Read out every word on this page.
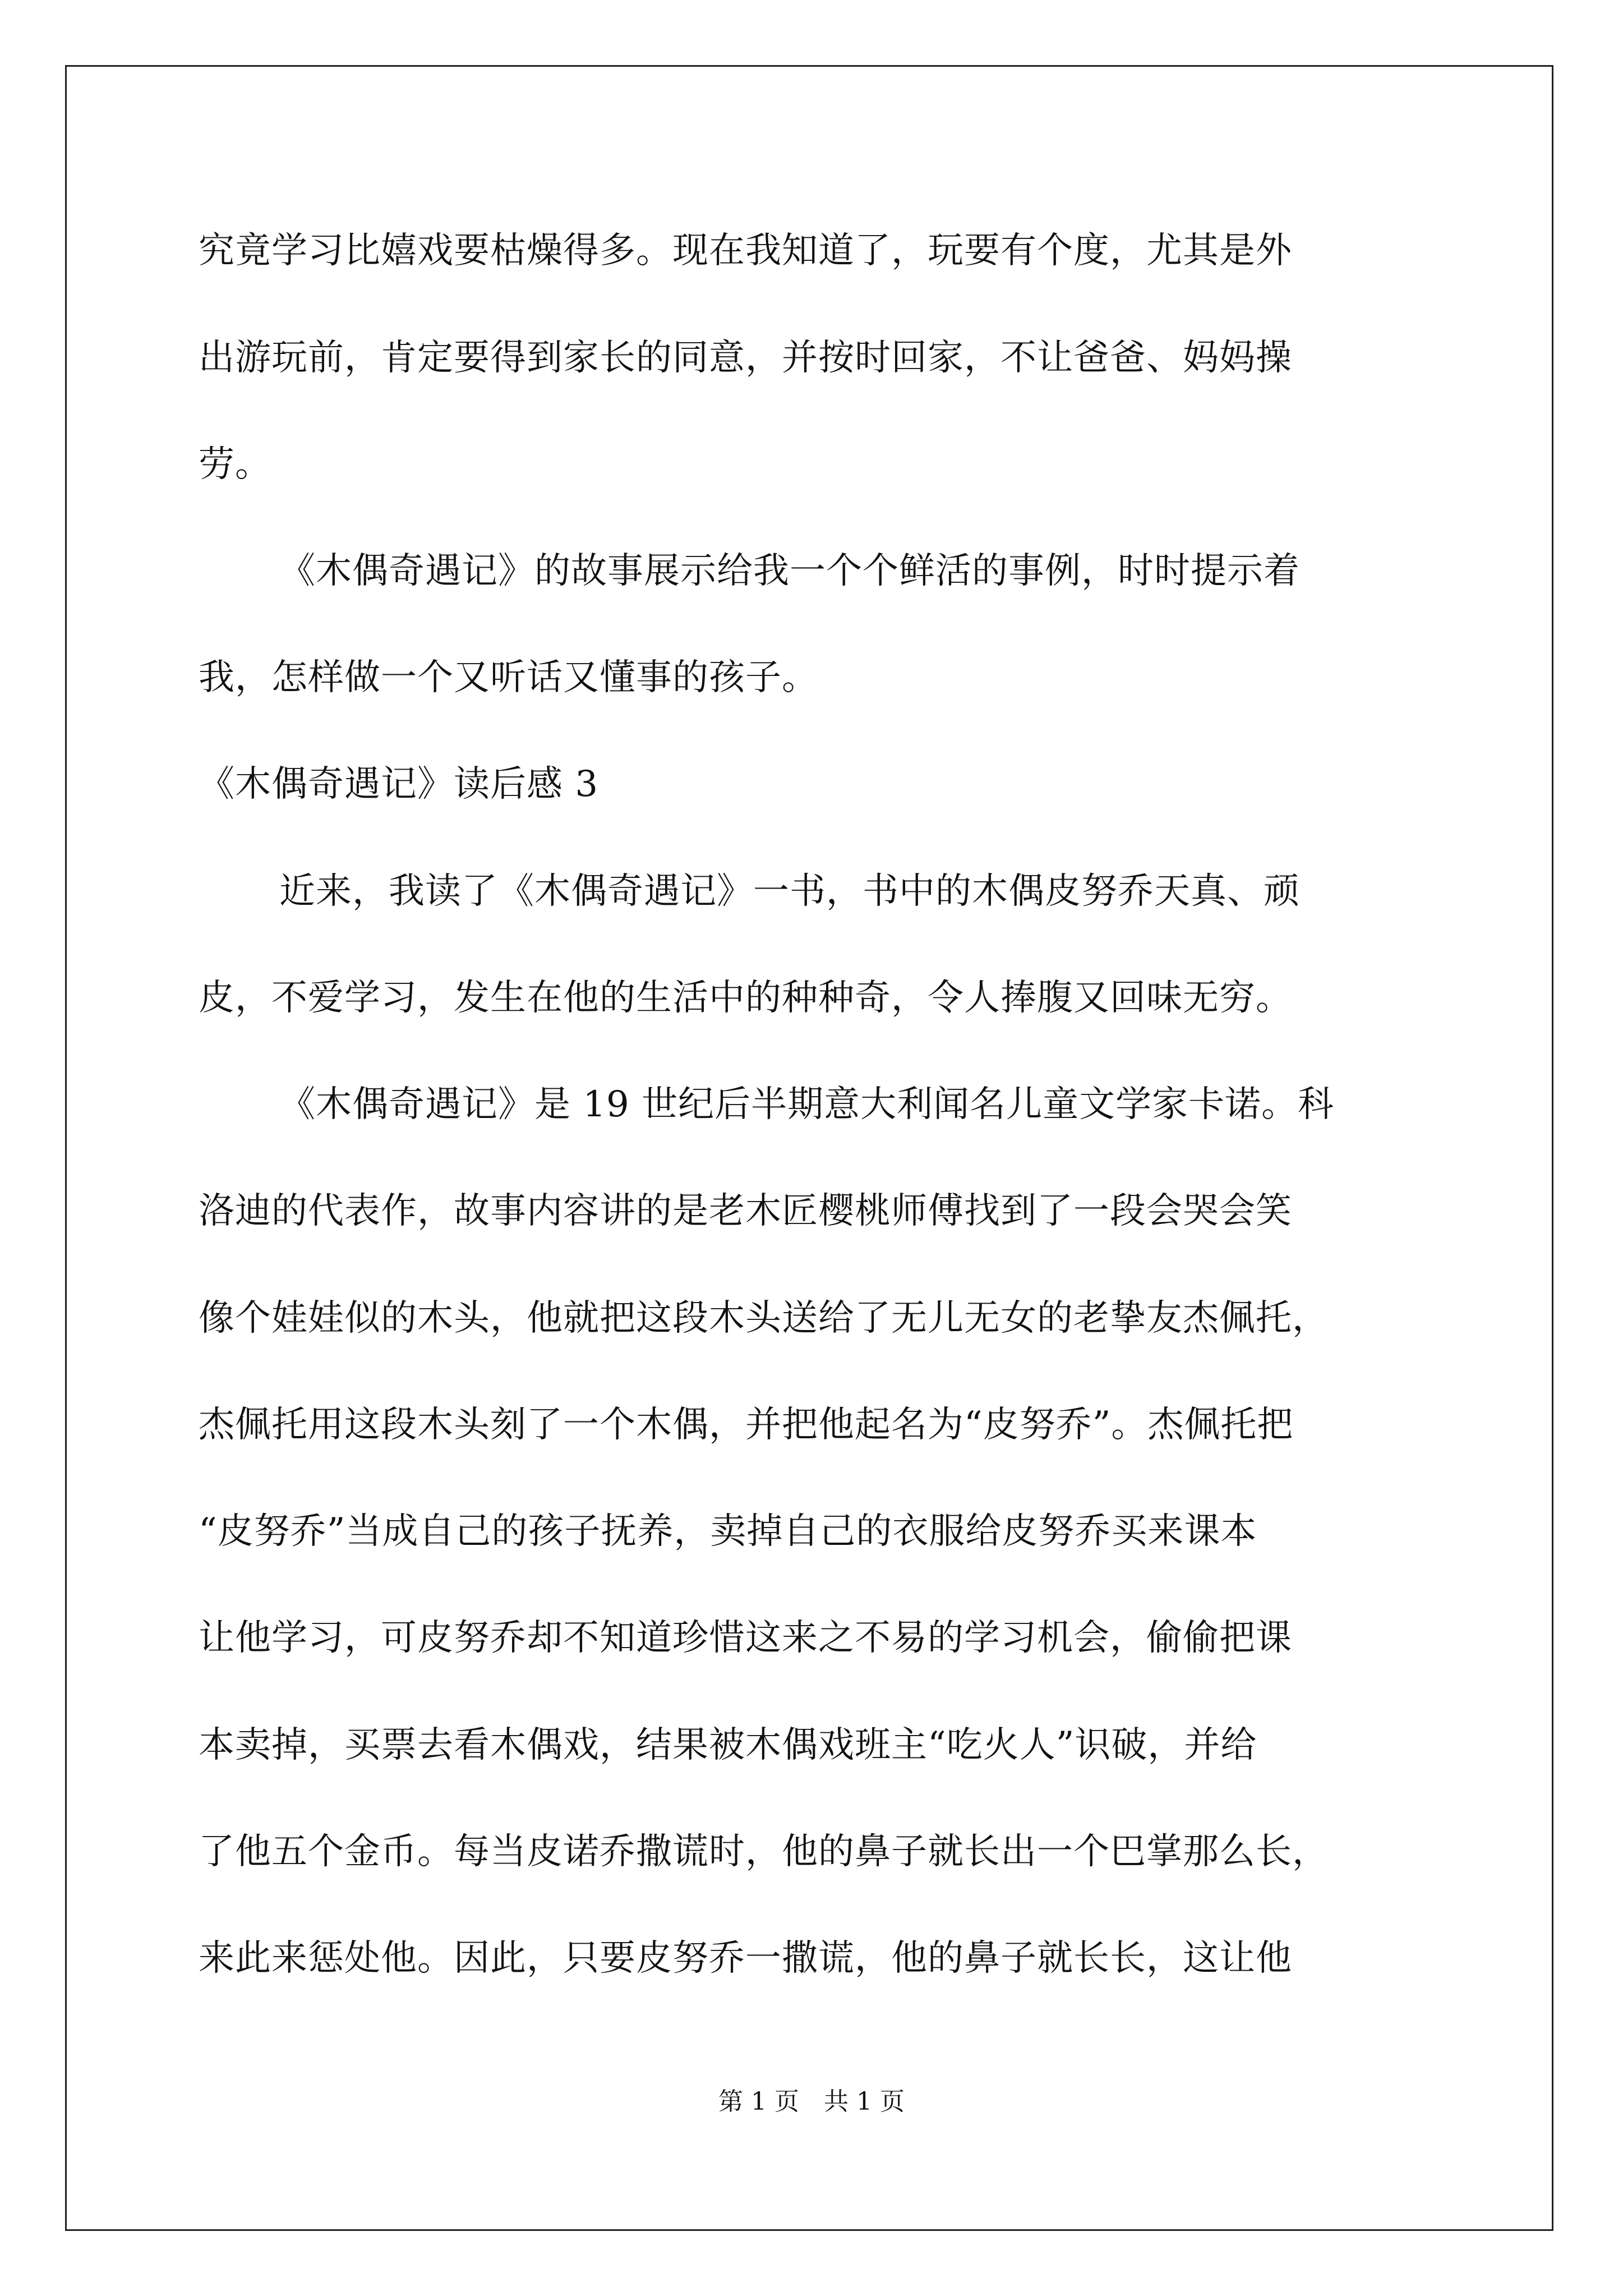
究竟学习比嬉戏要枯燥得多。现在我知道了，玩要有个度，尤其是外
出游玩前，肯定要得到家长的同意，并按时回家，不让爸爸、妈妈操
劳。
《木偶奇遇记》的故事展示给我一个个鲜活的事例，时时提示着
我，怎样做一个又听话又懂事的孩子。
《木偶奇遇记》读后感 3
近来，我读了《木偶奇遇记》一书，书中的木偶皮努乔天真、顽
皮，不爱学习，发生在他的生活中的种种奇，令人捧腹又回味无穷。
《木偶奇遇记》是 19 世纪后半期意大利闻名儿童文学家卡诺。科
洛迪的代表作，故事内容讲的是老木匠樱桃师傅找到了一段会哭会笑
像个娃娃似的木头，他就把这段木头送给了无儿无女的老挚友杰佩托，
杰佩托用这段木头刻了一个木偶，并把他起名为“皮努乔”。杰佩托把
“皮努乔”当成自己的孩子抚养，卖掉自己的衣服给皮努乔买来课本
让他学习，可皮努乔却不知道珍惜这来之不易的学习机会，偷偷把课
本卖掉，买票去看木偶戏，结果被木偶戏班主“吃火人”识破，并给
了他五个金币。每当皮诺乔撒谎时，他的鼻子就长出一个巴掌那么长，
来此来惩处他。因此，只要皮努乔一撒谎，他的鼻子就长长，这让他
第 1 页　共 1 页
